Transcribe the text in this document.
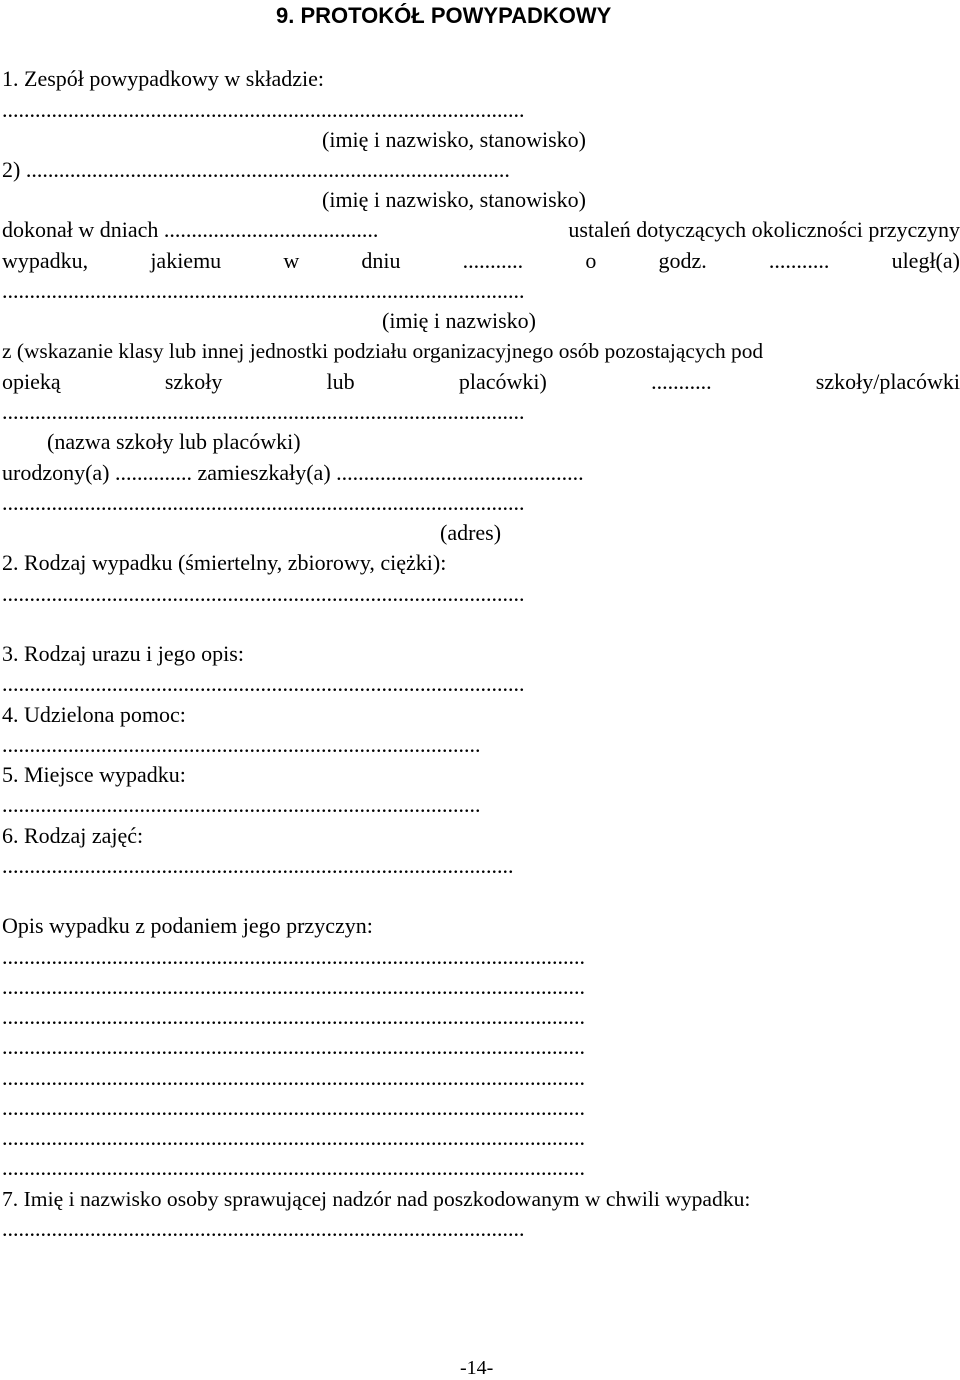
9. PROTOKÓŁ POWYPADKOWY

1. Zespół powypadkowy w składzie:

...............................................................................................

(imię i nazwisko, stanowisko)

2) ........................................................................................

(imię i nazwisko, stanowisko)

dokonał w dniach .......................................	ustaleń dotyczących okoliczności przyczyny
wypadku,	jakiemu	w	dniu	...........	o	godz.	...........	uległ(a)

...............................................................................................

(imię i nazwisko)

z (wskazanie klasy lub innej jednostki podziału organizacyjnego osób pozostających pod

opieką	szkoły	lub	placówki)	...........	szkoły/placówki

...............................................................................................

(nazwa szkoły lub placówki)

urodzony(a) .............. zamieszkały(a) .............................................

...............................................................................................

(adres)

2. Rodzaj wypadku (śmiertelny, zbiorowy, ciężki):

...............................................................................................

3. Rodzaj urazu i jego opis:

...............................................................................................

4. Udzielona pomoc:

.......................................................................................

5. Miejsce wypadku:

.......................................................................................

6. Rodzaj zajęć:

.............................................................................................

Opis wypadku z podaniem jego przyczyn:

..........................................................................................................

..........................................................................................................

..........................................................................................................

..........................................................................................................

..........................................................................................................

..........................................................................................................

..........................................................................................................

..........................................................................................................

7. Imię i nazwisko osoby sprawującej nadzór nad poszkodowanym w chwili wypadku:

...............................................................................................

-14-
